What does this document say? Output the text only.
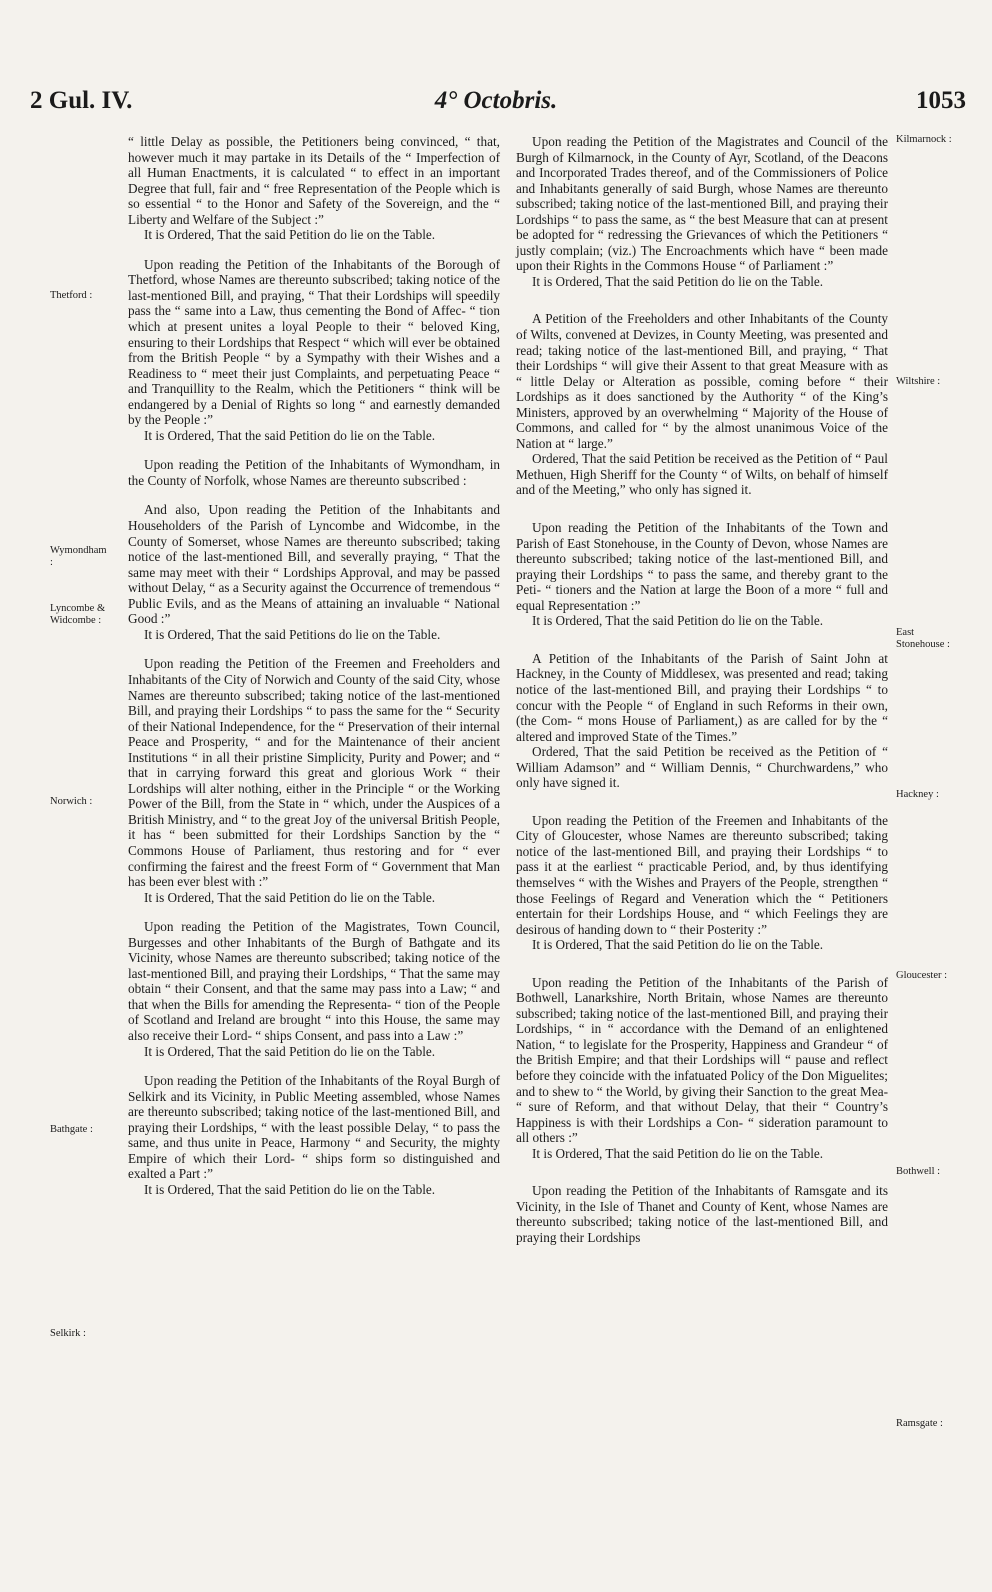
2 Gul. IV.	4° Octobris.	1053
Thetford :
Wymondham :
Lyncombe & Widcombe :
Norwich :
Bathgate :
Selkirk :
Kilmarnock :
Wiltshire :
East Stonehouse :
Hackney :
Gloucester :
Bothwell :
Ramsgate :

“ little Delay as possible, the Petitioners being convinced, “ that, however much it may partake in its Details of the “ Imperfection of all Human Enactments, it is calculated “ to effect in an important Degree that full, fair and “ free Representation of the People which is so essential “ to the Honor and Safety of the Sovereign, and the “ Liberty and Welfare of the Subject :”

It is Ordered, That the said Petition do lie on the Table.

Upon reading the Petition of the Inhabitants of the Borough of Thetford, whose Names are thereunto subscribed; taking notice of the last-mentioned Bill, and praying, “ That their Lordships will speedily pass the “ same into a Law, thus cementing the Bond of Affec- “ tion which at present unites a loyal People to their “ beloved King, ensuring to their Lordships that Respect “ which will ever be obtained from the British People “ by a Sympathy with their Wishes and a Readiness to “ meet their just Complaints, and perpetuating Peace “ and Tranquillity to the Realm, which the Petitioners “ think will be endangered by a Denial of Rights so long “ and earnestly demanded by the People :”

It is Ordered, That the said Petition do lie on the Table.

Upon reading the Petition of the Inhabitants of Wymondham, in the County of Norfolk, whose Names are thereunto subscribed :

And also, Upon reading the Petition of the Inhabitants and Householders of the Parish of Lyncombe and Widcombe, in the County of Somerset, whose Names are thereunto subscribed; taking notice of the last-mentioned Bill, and severally praying, “ That the same may meet with their “ Lordships Approval, and may be passed without Delay, “ as a Security against the Occurrence of tremendous “ Public Evils, and as the Means of attaining an invaluable “ National Good :”

It is Ordered, That the said Petitions do lie on the Table.

Upon reading the Petition of the Freemen and Freeholders and Inhabitants of the City of Norwich and County of the said City, whose Names are thereunto subscribed; taking notice of the last-mentioned Bill, and praying their Lordships “ to pass the same for the “ Security of their National Independence, for the “ Preservation of their internal Peace and Prosperity, “ and for the Maintenance of their ancient Institutions “ in all their pristine Simplicity, Purity and Power; and “ that in carrying forward this great and glorious Work “ their Lordships will alter nothing, either in the Principle “ or the Working Power of the Bill, from the State in “ which, under the Auspices of a British Ministry, and “ to the great Joy of the universal British People, it has “ been submitted for their Lordships Sanction by the “ Commons House of Parliament, thus restoring and for “ ever confirming the fairest and the freest Form of “ Government that Man has been ever blest with :”

It is Ordered, That the said Petition do lie on the Table.

Upon reading the Petition of the Magistrates, Town Council, Burgesses and other Inhabitants of the Burgh of Bathgate and its Vicinity, whose Names are thereunto subscribed; taking notice of the last-mentioned Bill, and praying their Lordships, “ That the same may obtain “ their Consent, and that the same may pass into a Law; “ and that when the Bills for amending the Representa- “ tion of the People of Scotland and Ireland are brought “ into this House, the same may also receive their Lord- “ ships Consent, and pass into a Law :”

It is Ordered, That the said Petition do lie on the Table.

Upon reading the Petition of the Inhabitants of the Royal Burgh of Selkirk and its Vicinity, in Public Meeting assembled, whose Names are thereunto subscribed; taking notice of the last-mentioned Bill, and praying their Lordships, “ with the least possible Delay, “ to pass the same, and thus unite in Peace, Harmony “ and Security, the mighty Empire of which their Lord- “ ships form so distinguished and exalted a Part :”

It is Ordered, That the said Petition do lie on the Table.

Upon reading the Petition of the Magistrates and Council of the Burgh of Kilmarnock, in the County of Ayr, Scotland, of the Deacons and Incorporated Trades thereof, and of the Commissioners of Police and Inhabitants generally of said Burgh, whose Names are thereunto subscribed; taking notice of the last-mentioned Bill, and praying their Lordships “ to pass the same, as “ the best Measure that can at present be adopted for “ redressing the Grievances of which the Petitioners “ justly complain; (viz.) The Encroachments which have “ been made upon their Rights in the Commons House “ of Parliament :”

It is Ordered, That the said Petition do lie on the Table.

A Petition of the Freeholders and other Inhabitants of the County of Wilts, convened at Devizes, in County Meeting, was presented and read; taking notice of the last-mentioned Bill, and praying, “ That their Lordships “ will give their Assent to that great Measure with as “ little Delay or Alteration as possible, coming before “ their Lordships as it does sanctioned by the Authority “ of the King’s Ministers, approved by an overwhelming “ Majority of the House of Commons, and called for “ by the almost unanimous Voice of the Nation at “ large.”

Ordered, That the said Petition be received as the Petition of “ Paul Methuen, High Sheriff for the County “ of Wilts, on behalf of himself and of the Meeting,” who only has signed it.

Upon reading the Petition of the Inhabitants of the Town and Parish of East Stonehouse, in the County of Devon, whose Names are thereunto subscribed; taking notice of the last-mentioned Bill, and praying their Lordships “ to pass the same, and thereby grant to the Peti- “ tioners and the Nation at large the Boon of a more “ full and equal Representation :”

It is Ordered, That the said Petition do lie on the Table.

A Petition of the Inhabitants of the Parish of Saint John at Hackney, in the County of Middlesex, was presented and read; taking notice of the last-mentioned Bill, and praying their Lordships “ to concur with the People “ of England in such Reforms in their own, (the Com- “ mons House of Parliament,) as are called for by the “ altered and improved State of the Times.”

Ordered, That the said Petition be received as the Petition of “ William Adamson” and “ William Dennis, “ Churchwardens,” who only have signed it.

Upon reading the Petition of the Freemen and Inhabitants of the City of Gloucester, whose Names are thereunto subscribed; taking notice of the last-mentioned Bill, and praying their Lordships “ to pass it at the earliest “ practicable Period, and, by thus identifying themselves “ with the Wishes and Prayers of the People, strengthen “ those Feelings of Regard and Veneration which the “ Petitioners entertain for their Lordships House, and “ which Feelings they are desirous of handing down to “ their Posterity :”

It is Ordered, That the said Petition do lie on the Table.

Upon reading the Petition of the Inhabitants of the Parish of Bothwell, Lanarkshire, North Britain, whose Names are thereunto subscribed; taking notice of the last-mentioned Bill, and praying their Lordships, “ in “ accordance with the Demand of an enlightened Nation, “ to legislate for the Prosperity, Happiness and Grandeur “ of the British Empire; and that their Lordships will “ pause and reflect before they coincide with the infatuated Policy of the Don Miguelites; and to shew to “ the World, by giving their Sanction to the great Mea- “ sure of Reform, and that without Delay, that their “ Country’s Happiness is with their Lordships a Con- “ sideration paramount to all others :”

It is Ordered, That the said Petition do lie on the Table.

Upon reading the Petition of the Inhabitants of Ramsgate and its Vicinity, in the Isle of Thanet and County of Kent, whose Names are thereunto subscribed; taking notice of the last-mentioned Bill, and praying their Lordships
